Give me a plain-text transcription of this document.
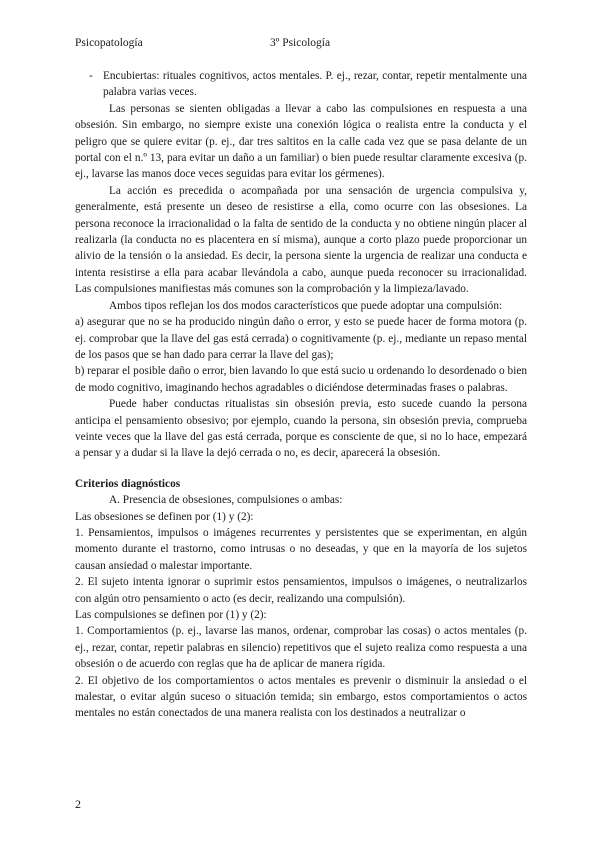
Psicopatología	3º Psicología

- Encubiertas: rituales cognitivos, actos mentales. P. ej., rezar, contar, repetir mentalmente una palabra varias veces.

Las personas se sienten obligadas a llevar a cabo las compulsiones en respuesta a una obsesión. Sin embargo, no siempre existe una conexión lógica o realista entre la conducta y el peligro que se quiere evitar (p. ej., dar tres saltitos en la calle cada vez que se pasa delante de un portal con el n.º 13, para evitar un daño a un familiar) o bien puede resultar claramente excesiva (p. ej., lavarse las manos doce veces seguidas para evitar los gérmenes).

La acción es precedida o acompañada por una sensación de urgencia compulsiva y, generalmente, está presente un deseo de resistirse a ella, como ocurre con las obsesiones. La persona reconoce la irracionalidad o la falta de sentido de la conducta y no obtiene ningún placer al realizarla (la conducta no es placentera en sí misma), aunque a corto plazo puede proporcionar un alivio de la tensión o la ansiedad. Es decir, la persona siente la urgencia de realizar una conducta e intenta resistirse a ella para acabar llevándola a cabo, aunque pueda reconocer su irracionalidad. Las compulsiones manifiestas más comunes son la comprobación y la limpieza/lavado.

Ambos tipos reflejan los dos modos característicos que puede adoptar una compulsión:

a) asegurar que no se ha producido ningún daño o error, y esto se puede hacer de forma motora (p. ej. comprobar que la llave del gas está cerrada) o cognitivamente (p. ej., mediante un repaso mental de los pasos que se han dado para cerrar la llave del gas);

b) reparar el posible daño o error, bien lavando lo que está sucio u ordenando lo desordenado o bien de modo cognitivo, imaginando hechos agradables o diciéndose determinadas frases o palabras.

Puede haber conductas ritualistas sin obsesión previa, esto sucede cuando la persona anticipa el pensamiento obsesivo; por ejemplo, cuando la persona, sin obsesión previa, comprueba veinte veces que la llave del gas está cerrada, porque es consciente de que, si no lo hace, empezará a pensar y a dudar si la llave la dejó cerrada o no, es decir, aparecerá la obsesión.

Criterios diagnósticos

A. Presencia de obsesiones, compulsiones o ambas:

Las obsesiones se definen por (1) y (2):

1. Pensamientos, impulsos o imágenes recurrentes y persistentes que se experimentan, en algún momento durante el trastorno, como intrusas o no deseadas, y que en la mayoría de los sujetos causan ansiedad o malestar importante.

2. El sujeto intenta ignorar o suprimir estos pensamientos, impulsos o imágenes, o neutralizarlos con algún otro pensamiento o acto (es decir, realizando una compulsión).

Las compulsiones se definen por (1) y (2):

1. Comportamientos (p. ej., lavarse las manos, ordenar, comprobar las cosas) o actos mentales (p. ej., rezar, contar, repetir palabras en silencio) repetitivos que el sujeto realiza como respuesta a una obsesión o de acuerdo con reglas que ha de aplicar de manera rígida.

2. El objetivo de los comportamientos o actos mentales es prevenir o disminuir la ansiedad o el malestar, o evitar algún suceso o situación temida; sin embargo, estos comportamientos o actos mentales no están conectados de una manera realista con los destinados a neutralizar o

2
